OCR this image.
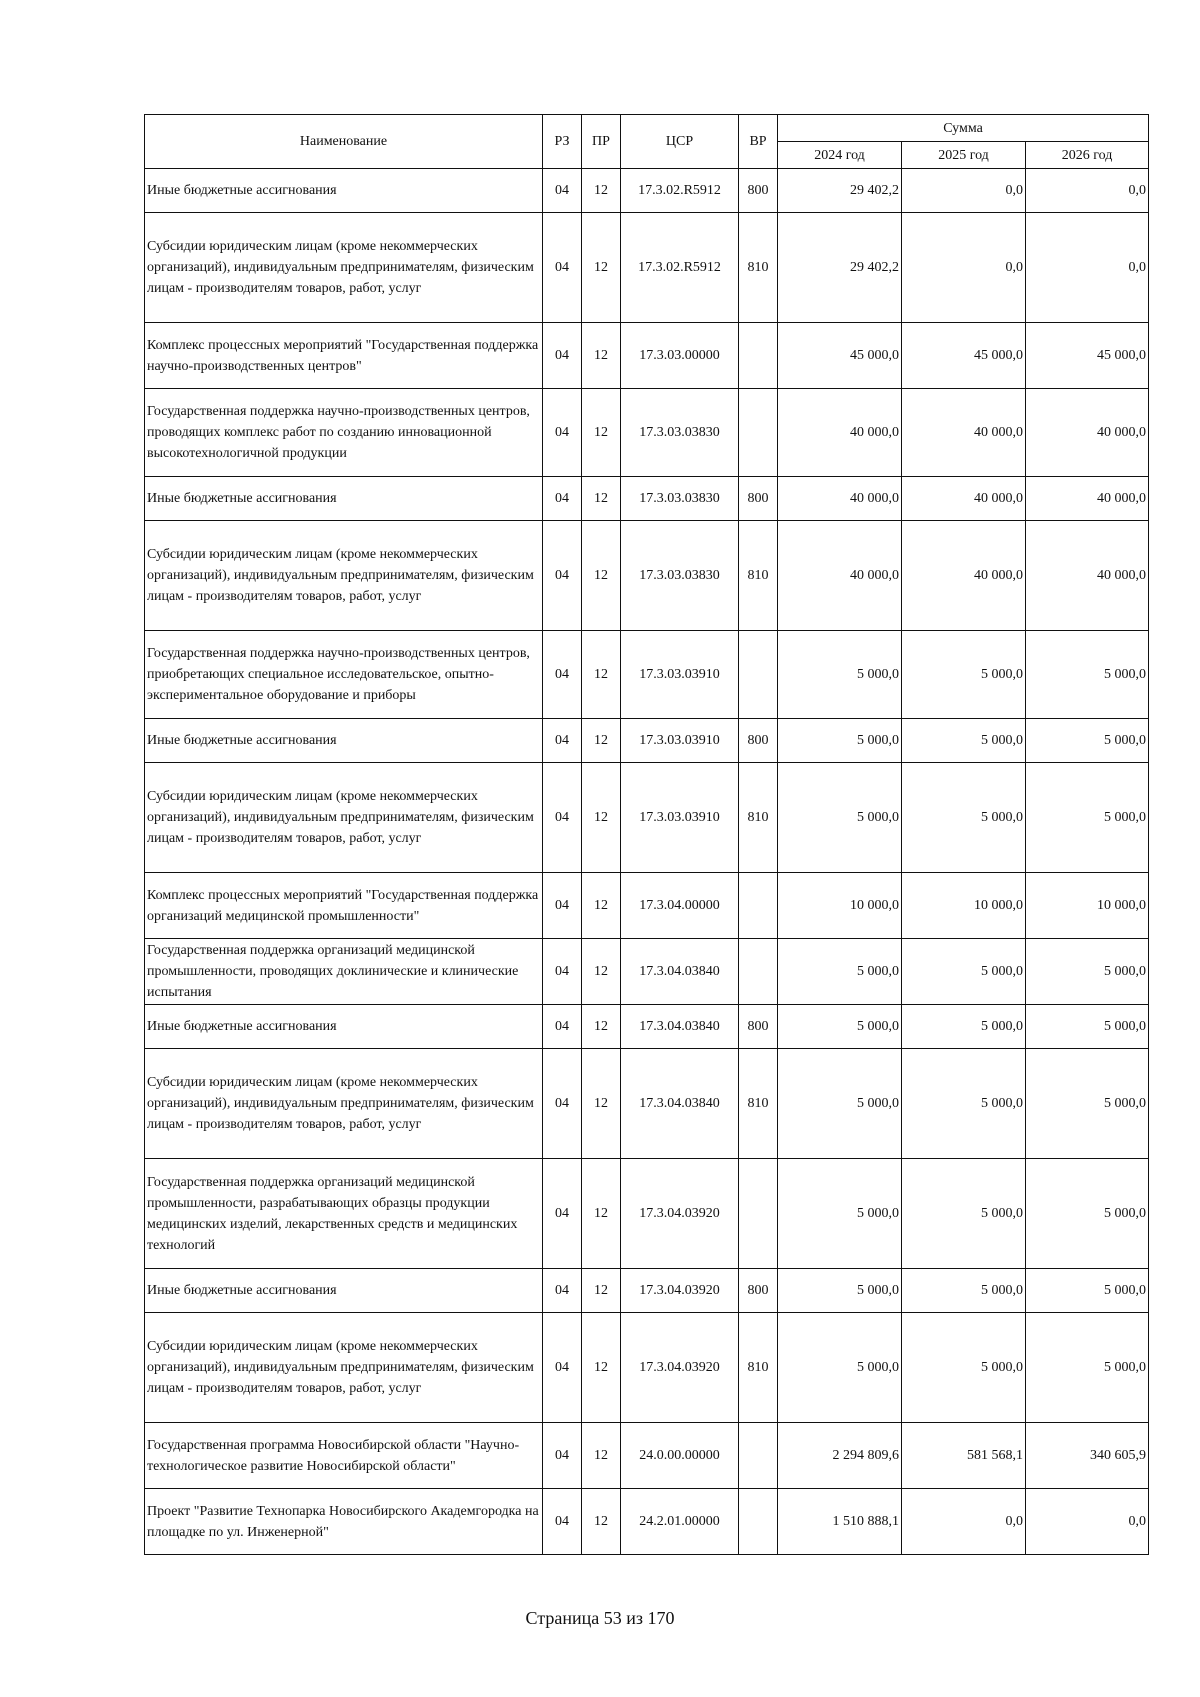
Наименование	РЗ	ПР	ЦСР	ВР	Сумма		
					2024 год	2025 год	2026 год
Иные бюджетные ассигнования	04	12	17.3.02.R5912	800	29 402,2	0,0	0,0
Субсидии юридическим лицам (кроме некоммерческих организаций), индивидуальным предпринимателям, физическим лицам - производителям товаров, работ, услуг	04	12	17.3.02.R5912	810	29 402,2	0,0	0,0
Комплекс процессных мероприятий "Государственная поддержка научно-производственных центров"	04	12	17.3.03.00000		45 000,0	45 000,0	45 000,0
Государственная поддержка научно-производственных центров, проводящих комплекс работ по созданию инновационной высокотехнологичной продукции	04	12	17.3.03.03830		40 000,0	40 000,0	40 000,0
Иные бюджетные ассигнования	04	12	17.3.03.03830	800	40 000,0	40 000,0	40 000,0
Субсидии юридическим лицам (кроме некоммерческих организаций), индивидуальным предпринимателям, физическим лицам - производителям товаров, работ, услуг	04	12	17.3.03.03830	810	40 000,0	40 000,0	40 000,0
Государственная поддержка научно-производственных центров, приобретающих специальное исследовательское, опытно-экспериментальное оборудование и приборы	04	12	17.3.03.03910		5 000,0	5 000,0	5 000,0
Иные бюджетные ассигнования	04	12	17.3.03.03910	800	5 000,0	5 000,0	5 000,0
Субсидии юридическим лицам (кроме некоммерческих организаций), индивидуальным предпринимателям, физическим лицам - производителям товаров, работ, услуг	04	12	17.3.03.03910	810	5 000,0	5 000,0	5 000,0
Комплекс процессных мероприятий "Государственная поддержка организаций медицинской промышленности"	04	12	17.3.04.00000		10 000,0	10 000,0	10 000,0
Государственная поддержка организаций медицинской промышленности, проводящих доклинические и клинические испытания	04	12	17.3.04.03840		5 000,0	5 000,0	5 000,0
Иные бюджетные ассигнования	04	12	17.3.04.03840	800	5 000,0	5 000,0	5 000,0
Субсидии юридическим лицам (кроме некоммерческих организаций), индивидуальным предпринимателям, физическим лицам - производителям товаров, работ, услуг	04	12	17.3.04.03840	810	5 000,0	5 000,0	5 000,0
Государственная поддержка организаций медицинской промышленности, разрабатывающих образцы продукции медицинских изделий, лекарственных средств и медицинских технологий	04	12	17.3.04.03920		5 000,0	5 000,0	5 000,0
Иные бюджетные ассигнования	04	12	17.3.04.03920	800	5 000,0	5 000,0	5 000,0
Субсидии юридическим лицам (кроме некоммерческих организаций), индивидуальным предпринимателям, физическим лицам - производителям товаров, работ, услуг	04	12	17.3.04.03920	810	5 000,0	5 000,0	5 000,0
Государственная программа Новосибирской области "Научно-технологическое развитие Новосибирской области"	04	12	24.0.00.00000		2 294 809,6	581 568,1	340 605,9
Проект "Развитие Технопарка Новосибирского Академгородка на площадке по ул. Инженерной"	04	12	24.2.01.00000		1 510 888,1	0,0	0,0
Страница 53 из 170
